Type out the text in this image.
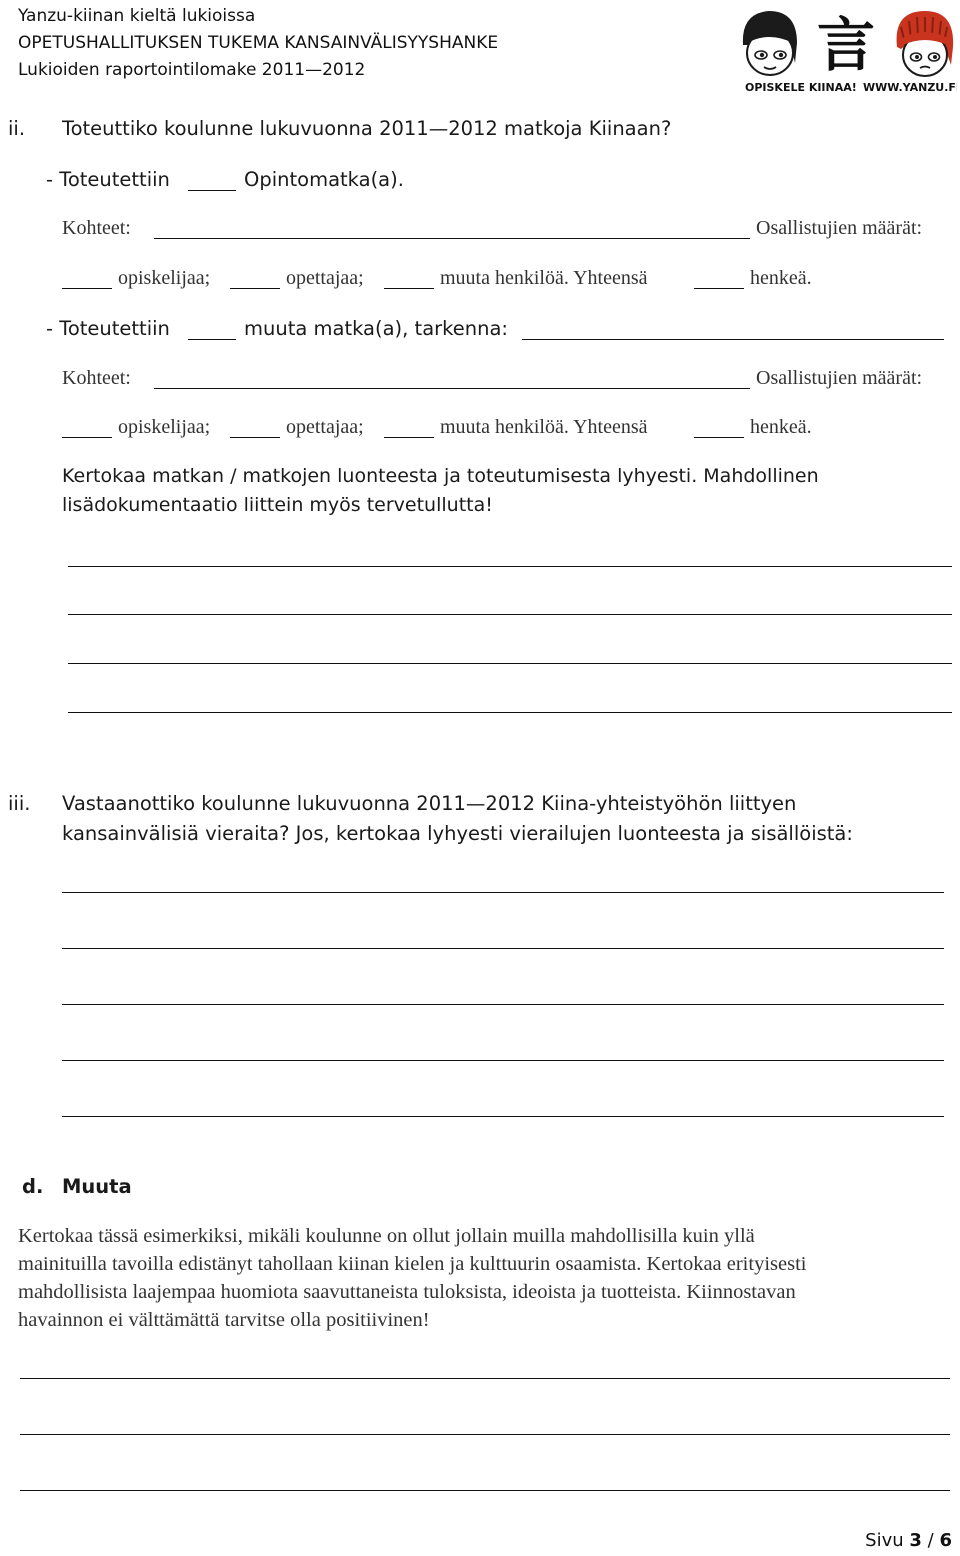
Yanzu-kiinan kieltä lukioissa
OPETUSHALLITUKSEN TUKEMA KANSAINVÄLISYYSHANKE
Lukioiden raportointilomake 2011—2012	言
OPISKELE KIINAA! WWW.YANZU.FI
ii. Toteuttiko koulunne lukuvuonna 2011—2012 matkoja Kiinaan?
- Toteutettiin	Opintomatka(a).
Kohteet:	Osallistujien määrät:
opiskelijaa;	opettajaa;	muuta henkilöä. Yhteensä	henkeä.
- Toteutettiin	muuta matka(a), tarkenna:
Kohteet:	Osallistujien määrät:
opiskelijaa;	opettajaa;	muuta henkilöä. Yhteensä	henkeä.
Kertokaa matkan / matkojen luonteesta ja toteutumisesta lyhyesti. Mahdollinen
lisädokumentaatio liittein myös tervetullutta!
iii. Vastaanottiko koulunne lukuvuonna 2011—2012 Kiina-yhteistyöhön liittyen
kansainvälisiä vieraita? Jos, kertokaa lyhyesti vierailujen luonteesta ja sisällöistä:
d. Muuta
Kertokaa tässä esimerkiksi, mikäli koulunne on ollut jollain muilla mahdollisilla kuin yllä
mainituilla tavoilla edistänyt tahollaan kiinan kielen ja kulttuurin osaamista. Kertokaa erityisesti
mahdollisista laajempaa huomiota saavuttaneista tuloksista, ideoista ja tuotteista. Kiinnostavan
havainnon ei välttämättä tarvitse olla positiivinen!
Sivu 3 / 6
